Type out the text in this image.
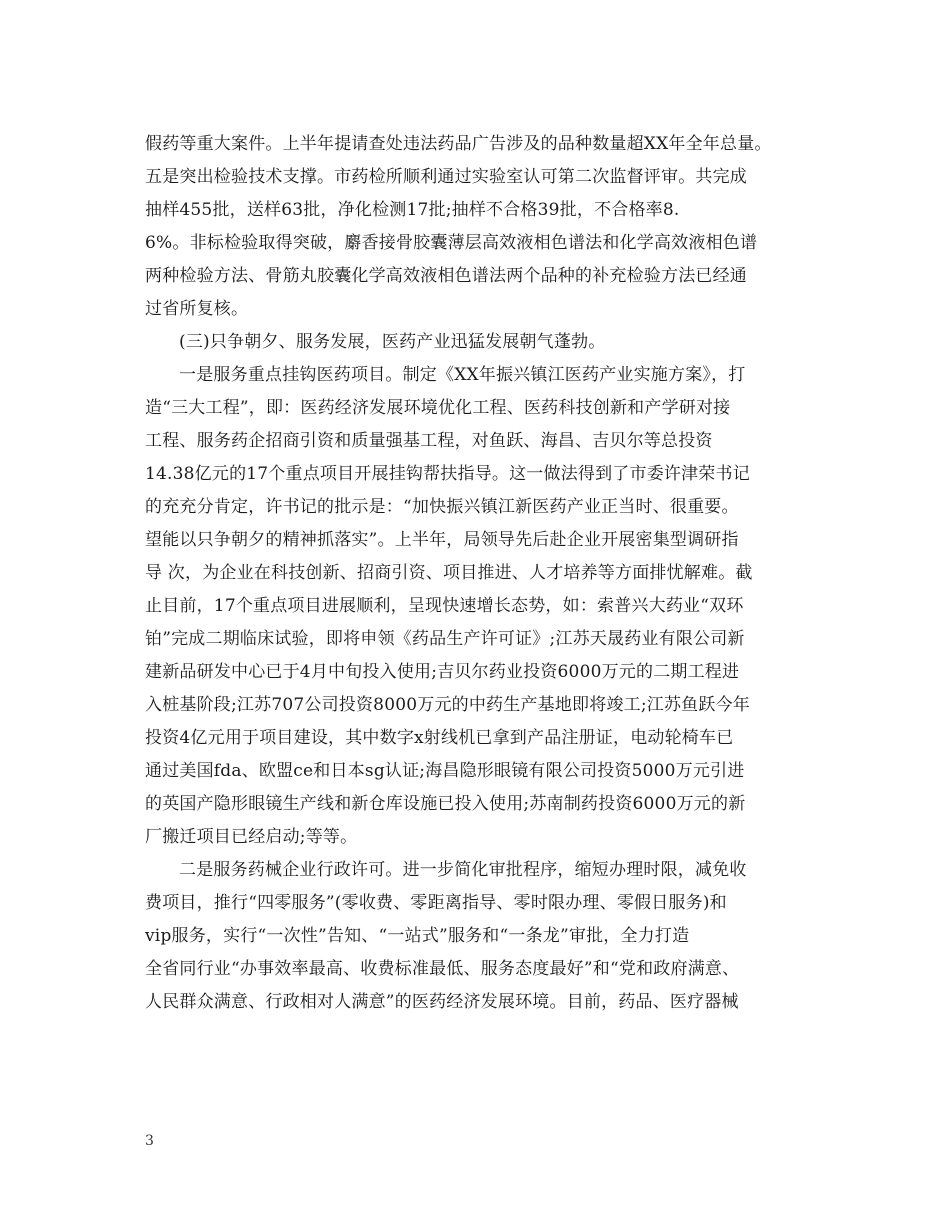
假药等重大案件。上半年提请查处违法药品广告涉及的品种数量超XX年全年总量。
五是突出检验技术支撑。市药检所顺利通过实验室认可第二次监督评审。共完成
抽样455批，送样63批，净化检测17批;抽样不合格39批，不合格率8.
6%。非标检验取得突破，麝香接骨胶囊薄层高效液相色谱法和化学高效液相色谱
两种检验方法、骨筋丸胶囊化学高效液相色谱法两个品种的补充检验方法已经通
过省所复核。
(三)只争朝夕、服务发展，医药产业迅猛发展朝气蓬勃。
一是服务重点挂钩医药项目。制定《XX年振兴镇江医药产业实施方案》，打
造“三大工程”，即：医药经济发展环境优化工程、医药科技创新和产学研对接
工程、服务药企招商引资和质量强基工程，对鱼跃、海昌、吉贝尔等总投资
14.38亿元的17个重点项目开展挂钩帮扶指导。这一做法得到了市委许津荣书记
的充充分肯定，许书记的批示是：“加快振兴镇江新医药产业正当时、很重要。
望能以只争朝夕的精神抓落实”。上半年，局领导先后赴企业开展密集型调研指
导 次，为企业在科技创新、招商引资、项目推进、人才培养等方面排忧解难。截
止目前，17个重点项目进展顺利，呈现快速增长态势，如：索普兴大药业“双环
铂”完成二期临床试验，即将申领《药品生产许可证》;江苏天晟药业有限公司新
建新品研发中心已于4月中旬投入使用;吉贝尔药业投资6000万元的二期工程进
入桩基阶段;江苏707公司投资8000万元的中药生产基地即将竣工;江苏鱼跃今年
投资4亿元用于项目建设，其中数字x射线机已拿到产品注册证，电动轮椅车已
通过美国fda、欧盟ce和日本sg认证;海昌隐形眼镜有限公司投资5000万元引进
的英国产隐形眼镜生产线和新仓库设施已投入使用;苏南制药投资6000万元的新
厂搬迁项目已经启动;等等。
二是服务药械企业行政许可。进一步简化审批程序，缩短办理时限，减免收
费项目，推行“四零服务”(零收费、零距离指导、零时限办理、零假日服务)和
vip服务，实行“一次性”告知、“一站式”服务和“一条龙”审批，全力打造
全省同行业“办事效率最高、收费标准最低、服务态度最好”和“党和政府满意、
人民群众满意、行政相对人满意”的医药经济发展环境。目前，药品、医疗器械
3
